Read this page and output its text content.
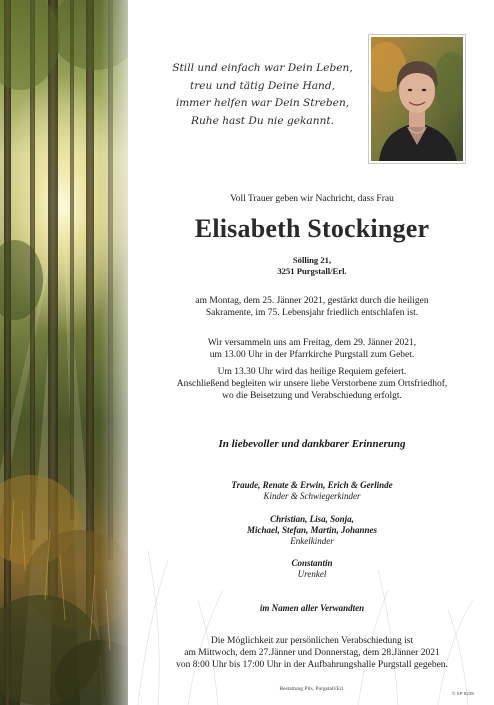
Still und einfach war Dein Leben,
treu und tätig Deine Hand,
immer helfen war Dein Streben,
Ruhe hast Du nie gekannt.
Voll Trauer geben wir Nachricht, dass Frau
Elisabeth Stockinger
Sölling 21,
3251 Purgstall/Erl.
am Montag, dem 25. Jänner 2021, gestärkt durch die heiligen
Sakramente, im 75. Lebensjahr friedlich entschlafen ist.
Wir versammeln uns am Freitag, dem 29. Jänner 2021,
um 13.00 Uhr in der Pfarrkirche Purgstall zum Gebet.
Um 13.30 Uhr wird das heilige Requiem gefeiert.
Anschließend begleiten wir unsere liebe Verstorbene zum Ortsfriedhof,
wo die Beisetzung und Verabschiedung erfolgt.
In liebevoller und dankbarer Erinnerung
Traude, Renate & Erwin, Erich & Gerlinde
Kinder & Schwiegerkinder
Christian, Lisa, Sonja,
Michael, Stefan, Martin, Johannes
Enkelkinder
Constantin
Urenkel
im Namen aller Verwandten
Die Möglichkeit zur persönlichen Verabschiedung ist
am Mittwoch, dem 27.Jänner und Donnerstag, dem 28.Jänner 2021
von 8:00 Uhr bis 17:00 Uhr in der Aufbahrungshalle Purgstall gegeben.
Bestattung Pils, Purgstall/Erl.
© SP 9239
